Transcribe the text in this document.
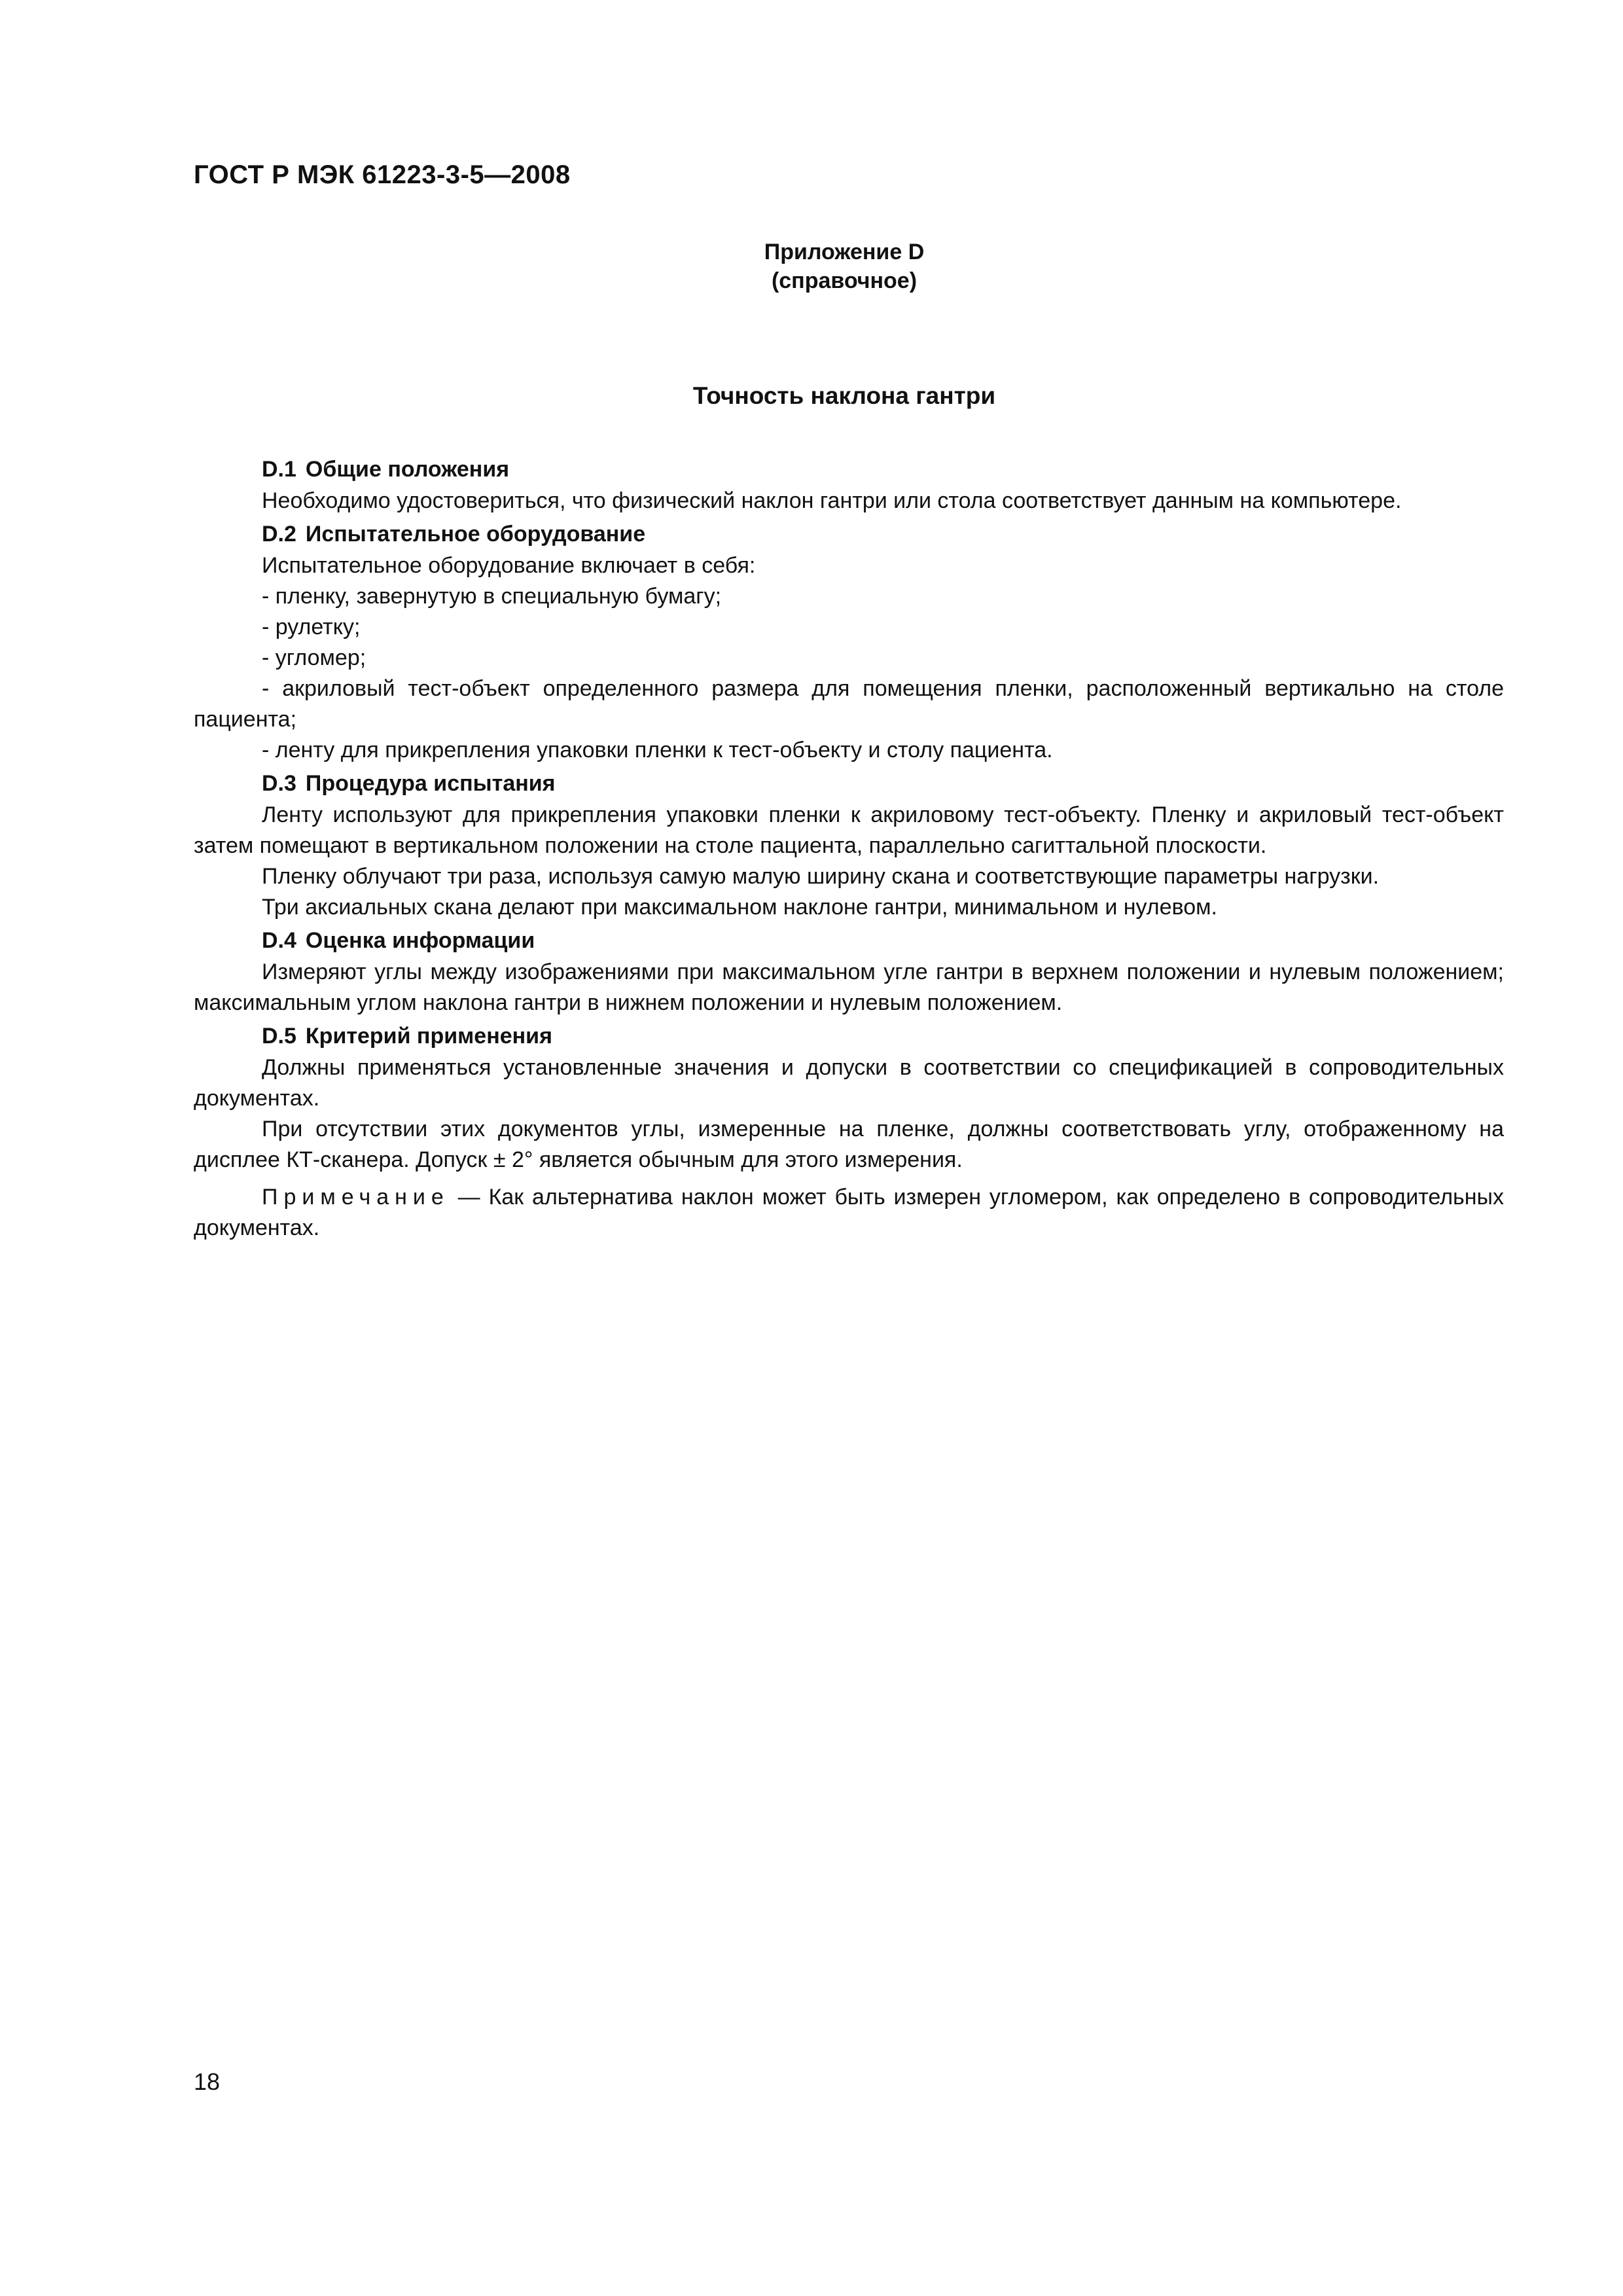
ГОСТ Р МЭК 61223-3-5—2008
Приложение D
(справочное)
Точность наклона гантри
D.1 Общие положения

Необходимо удостовериться, что физический наклон гантри или стола соответствует данным на компьютере.

D.2 Испытательное оборудование

Испытательное оборудование включает в себя:

- пленку, завернутую в специальную бумагу;

- рулетку;

- угломер;

- акриловый тест-объект определенного размера для помещения пленки, расположенный вертикально на столе пациента;

- ленту для прикрепления упаковки пленки к тест-объекту и столу пациента.

D.3 Процедура испытания

Ленту используют для прикрепления упаковки пленки к акриловому тест-объекту. Пленку и акриловый тест-объект затем помещают в вертикальном положении на столе пациента, параллельно сагиттальной плоскости.

Пленку облучают три раза, используя самую малую ширину скана и соответствующие параметры нагрузки.

Три аксиальных скана делают при максимальном наклоне гантри, минимальном и нулевом.

D.4 Оценка информации

Измеряют углы между изображениями при максимальном угле гантри в верхнем положении и нулевым положением; максимальным углом наклона гантри в нижнем положении и нулевым положением.

D.5 Критерий применения

Должны применяться установленные значения и допуски в соответствии со спецификацией в сопроводительных документах.

При отсутствии этих документов углы, измеренные на пленке, должны соответствовать углу, отображенному на дисплее КТ-сканера. Допуск ± 2° является обычным для этого измерения.

Примечание — Как альтернатива наклон может быть измерен угломером, как определено в сопроводительных документах.

18
